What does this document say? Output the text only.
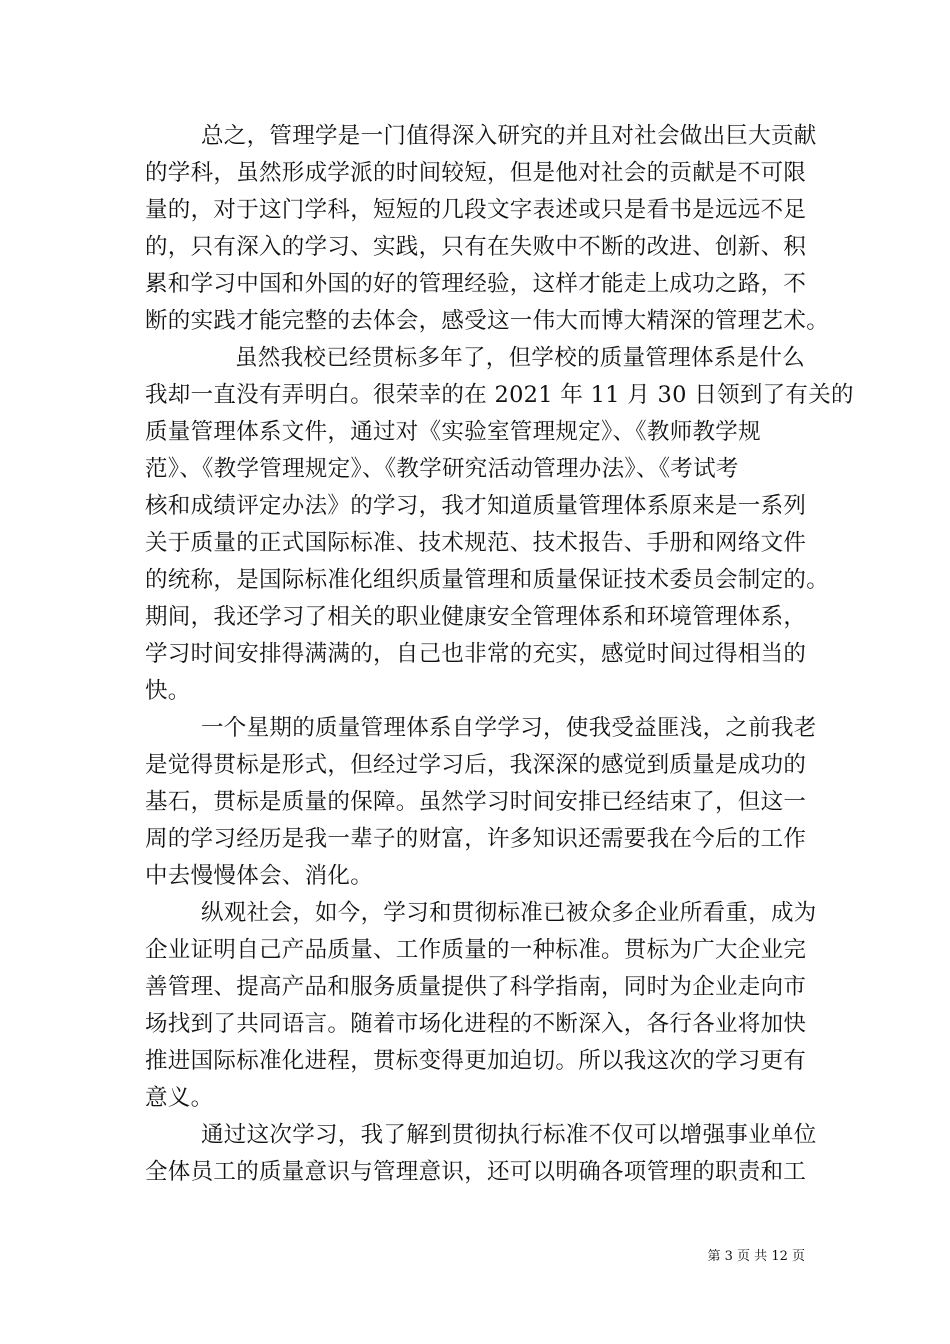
总之，管理学是一门值得深入研究的并且对社会做出巨大贡献
的学科，虽然形成学派的时间较短，但是他对社会的贡献是不可限
量的，对于这门学科，短短的几段文字表述或只是看书是远远不足
的，只有深入的学习、实践，只有在失败中不断的改进、创新、积
累和学习中国和外国的好的管理经验，这样才能走上成功之路，不
断的实践才能完整的去体会，感受这一伟大而博大精深的管理艺术。
虽然我校已经贯标多年了，但学校的质量管理体系是什么
我却一直没有弄明白。很荣幸的在 2021 年 11 月 30 日领到了有关的
质量管理体系文件，通过对《实验室管理规定》、《教师教学规
范》、《教学管理规定》、《教学研究活动管理办法》、《考试考
核和成绩评定办法》的学习，我才知道质量管理体系原来是一系列
关于质量的正式国际标准、技术规范、技术报告、手册和网络文件
的统称，是国际标准化组织质量管理和质量保证技术委员会制定的。
期间，我还学习了相关的职业健康安全管理体系和环境管理体系，
学习时间安排得满满的，自己也非常的充实，感觉时间过得相当的
快。
一个星期的质量管理体系自学学习，使我受益匪浅，之前我老
是觉得贯标是形式，但经过学习后，我深深的感觉到质量是成功的
基石，贯标是质量的保障。虽然学习时间安排已经结束了，但这一
周的学习经历是我一辈子的财富，许多知识还需要我在今后的工作
中去慢慢体会、消化。
纵观社会，如今，学习和贯彻标准已被众多企业所看重，成为
企业证明自己产品质量、工作质量的一种标准。贯标为广大企业完
善管理、提高产品和服务质量提供了科学指南，同时为企业走向市
场找到了共同语言。随着市场化进程的不断深入，各行各业将加快
推进国际标准化进程，贯标变得更加迫切。所以我这次的学习更有
意义。
通过这次学习，我了解到贯彻执行标准不仅可以增强事业单位
全体员工的质量意识与管理意识，还可以明确各项管理的职责和工
第 3 页 共 12 页
